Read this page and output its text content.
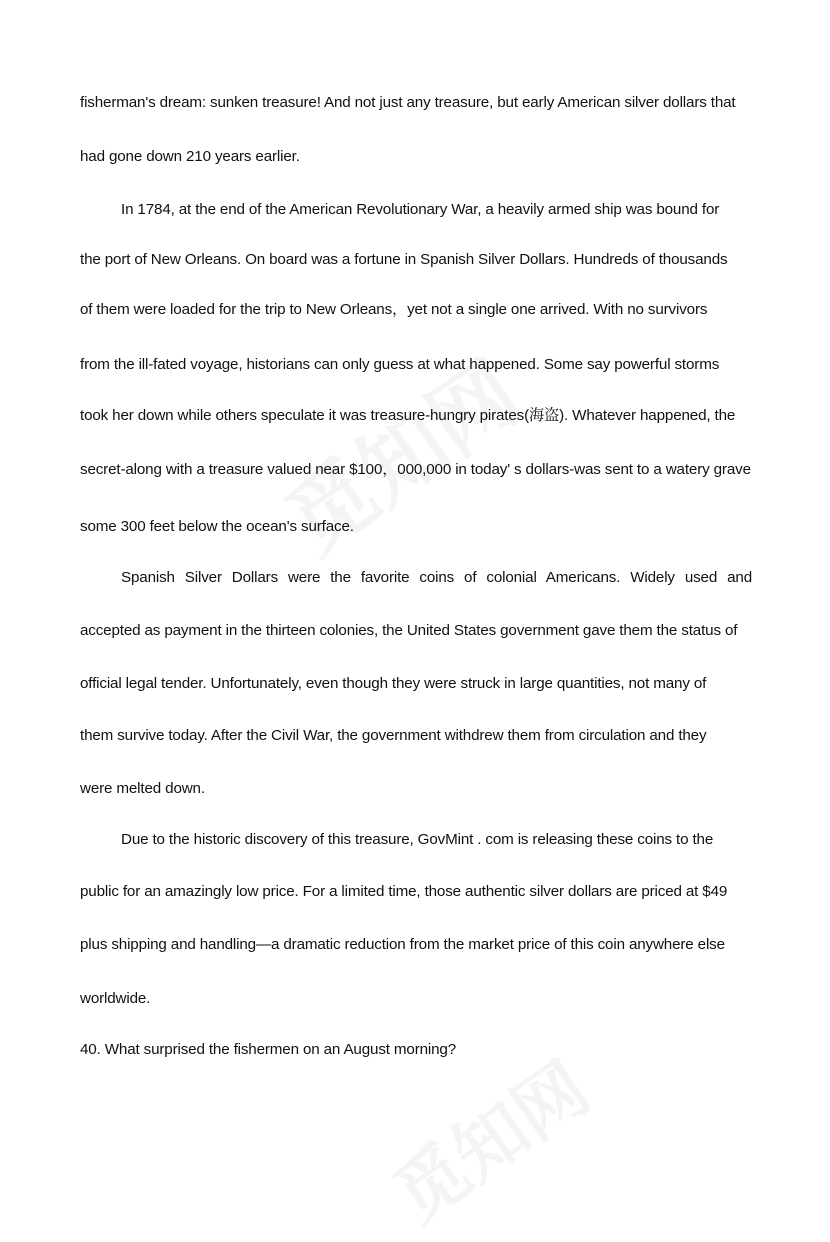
fisherman's dream: sunken treasure! And not just any treasure, but early American silver dollars that
had gone down 210 years earlier.
In 1784, at the end of the American Revolutionary War, a heavily armed ship was bound for
the port of New Orleans. On board was a fortune in Spanish Silver Dollars. Hundreds of thousands
of them were loaded for the trip to New Orleans，yet not a single one arrived. With no survivors
from the ill-fated voyage, historians can only guess at what happened. Some say powerful storms
took her down while others speculate it was treasure-hungry pirates(海盗). Whatever happened, the
secret-along with a treasure valued near $100，000,000 in today' s dollars-was sent to a watery grave
some 300 feet below the ocean's surface.
Spanish Silver Dollars were the favorite coins of colonial Americans. Widely used and
accepted as payment in the thirteen colonies, the United States government gave them the status of
official legal tender. Unfortunately, even though they were struck in large quantities, not many of
them survive today. After the Civil War, the government withdrew them from circulation and they
were melted down.
Due to the historic discovery of this treasure, GovMint . com is releasing these coins to the
public for an amazingly low price. For a limited time, those authentic silver dollars are priced at $49
plus shipping and handling—a dramatic reduction from the market price of this coin anywhere else
worldwide.
40. What surprised the fishermen on an August morning?
